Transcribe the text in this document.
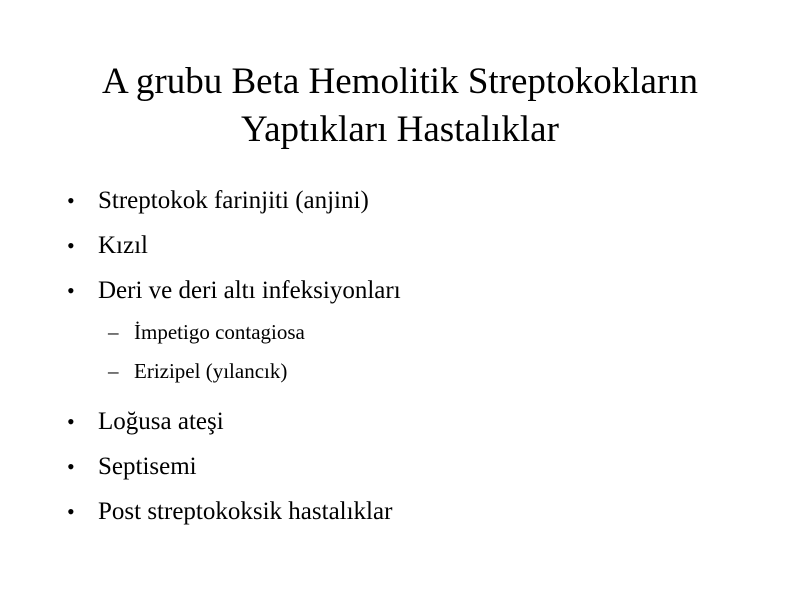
A grubu Beta Hemolitik Streptokokların
Yaptıkları Hastalıklar
• Streptokok farinjiti (anjini)
• Kızıl
• Deri ve deri altı infeksiyonları
– İmpetigo contagiosa
– Erizipel (yılancık)
• Loğusa ateşi
• Septisemi
• Post streptokoksik hastalıklar
